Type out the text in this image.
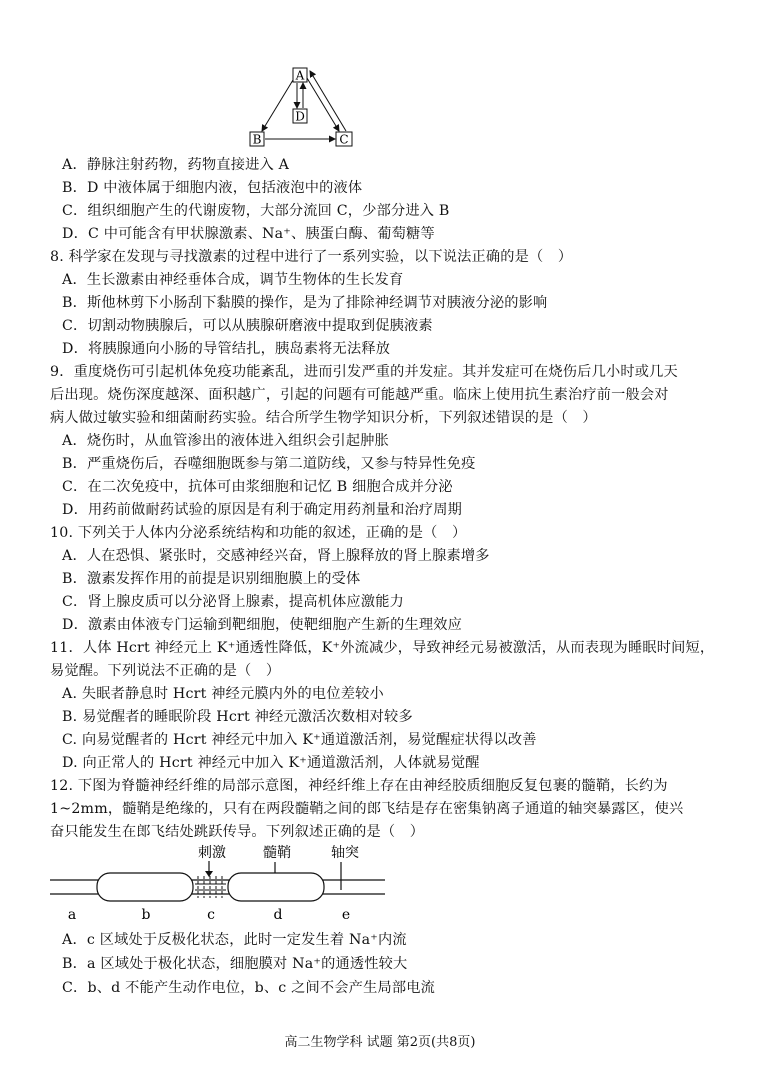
A
D
B	C
A．静脉注射药物，药物直接进入 A
B．D 中液体属于细胞内液，包括液泡中的液体
C．组织细胞产生的代谢废物，大部分流回 C，少部分进入 B
D．C 中可能含有甲状腺激素、Na⁺、胰蛋白酶、葡萄糖等
8. 科学家在发现与寻找激素的过程中进行了一系列实验，以下说法正确的是（　）
A．生长激素由神经垂体合成，调节生物体的生长发育
B．斯他林剪下小肠刮下黏膜的操作，是为了排除神经调节对胰液分泌的影响
C．切割动物胰腺后，可以从胰腺研磨液中提取到促胰液素
D．将胰腺通向小肠的导管结扎，胰岛素将无法释放
9．重度烧伤可引起机体免疫功能紊乱，进而引发严重的并发症。其并发症可在烧伤后几小时或几天
后出现。烧伤深度越深、面积越广，引起的问题有可能越严重。临床上使用抗生素治疗前一般会对
病人做过敏实验和细菌耐药实验。结合所学生物学知识分析，下列叙述错误的是（　）
A．烧伤时，从血管渗出的液体进入组织会引起肿胀
B．严重烧伤后，吞噬细胞既参与第二道防线，又参与特异性免疫
C．在二次免疫中，抗体可由浆细胞和记忆 B 细胞合成并分泌
D．用药前做耐药试验的原因是有利于确定用药剂量和治疗周期
10. 下列关于人体内分泌系统结构和功能的叙述，正确的是（　）
A．人在恐惧、紧张时，交感神经兴奋，肾上腺释放的肾上腺素增多
B．激素发挥作用的前提是识别细胞膜上的受体
C．肾上腺皮质可以分泌肾上腺素，提高机体应激能力
D．激素由体液专门运输到靶细胞，使靶细胞产生新的生理效应
11．人体 Hcrt 神经元上 K⁺通透性降低，K⁺外流减少，导致神经元易被激活，从而表现为睡眠时间短，
易觉醒。下列说法不正确的是（　）
A. 失眠者静息时 Hcrt 神经元膜内外的电位差较小
B. 易觉醒者的睡眠阶段 Hcrt 神经元激活次数相对较多
C. 向易觉醒者的 Hcrt 神经元中加入 K⁺通道激活剂，易觉醒症状得以改善
D. 向正常人的 Hcrt 神经元中加入 K⁺通道激活剂，人体就易觉醒
12. 下图为脊髓神经纤维的局部示意图，神经纤维上存在由神经胶质细胞反复包裹的髓鞘，长约为
1~2mm，髓鞘是绝缘的，只有在两段髓鞘之间的郎飞结是存在密集钠离子通道的轴突暴露区，使兴
奋只能发生在郎飞结处跳跃传导。下列叙述正确的是（　）
刺激	髓鞘	轴突
a	b	c	d	e
A．c 区域处于反极化状态，此时一定发生着 Na⁺内流
B．a 区域处于极化状态，细胞膜对 Na⁺的通透性较大
C．b、d 不能产生动作电位，b、c 之间不会产生局部电流
高二生物学科 试题 第2页(共8页)
